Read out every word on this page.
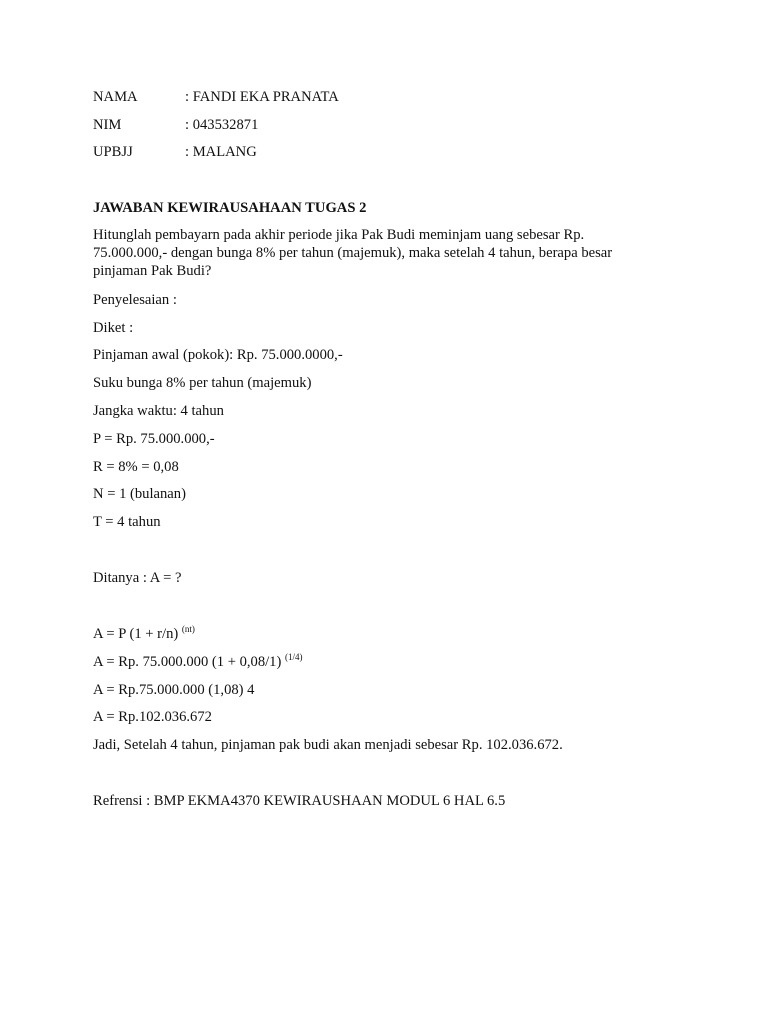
NAMA	: FANDI EKA PRANATA
NIM	: 043532871
UPBJJ	: MALANG
JAWABAN KEWIRAUSAHAAN TUGAS 2
Hitunglah pembayarn pada akhir periode jika Pak Budi meminjam uang sebesar Rp.
75.000.000,- dengan bunga 8% per tahun (majemuk), maka setelah 4 tahun, berapa besar
pinjaman Pak Budi?
Penyelesaian :
Diket :
Pinjaman awal (pokok): Rp. 75.000.0000,-
Suku bunga 8% per tahun (majemuk)
Jangka waktu: 4 tahun
P = Rp. 75.000.000,-
R = 8% = 0,08
N = 1 (bulanan)
T = 4 tahun
Ditanya : A = ?
A = P (1 + r/n) $^{(nt)}$
A = Rp. 75.000.000 (1 + 0,08/1) $^{(1/4)}$
A = Rp.75.000.000 (1,08) 4
A = Rp.102.036.672
Jadi, Setelah 4 tahun, pinjaman pak budi akan menjadi sebesar Rp. 102.036.672.
Refrensi : BMP EKMA4370 KEWIRAUSHAAN MODUL 6 HAL 6.5
